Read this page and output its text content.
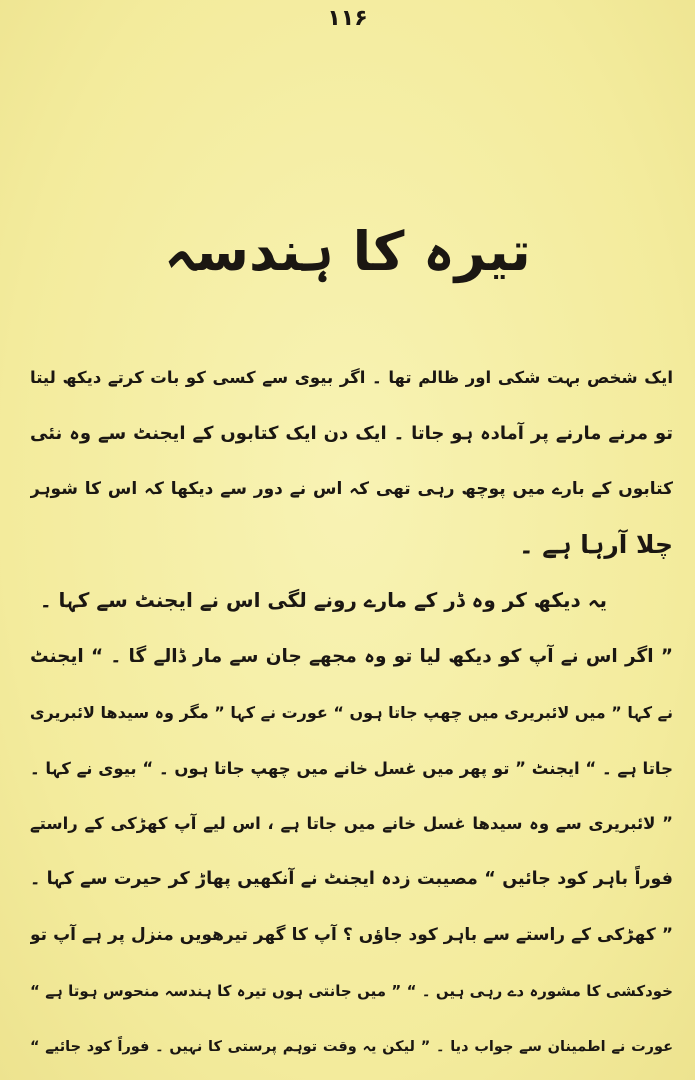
۱۱۶
تیرہ کا ہندسہ
ایک شخص بہت شکی اور ظالم تھا ۔ اگر بیوی سے کسی کو بات کرتے دیکھ لیتا
تو مرنے مارنے پر آمادہ ہو جاتا ۔ ایک دن ایک کتابوں کے ایجنٹ سے وہ نئی
کتابوں کے بارے میں پوچھ رہی تھی کہ اس نے دور سے دیکھا کہ اس کا شوہر
چلا آرہا ہے ۔
یہ دیکھ کر وہ ڈر کے مارے رونے لگی اس نے ایجنٹ سے کہا ۔
” اگر اس نے آپ کو دیکھ لیا تو وہ مجھے جان سے مار ڈالے گا ۔ “ ایجنٹ
نے کہا ” میں لائبریری میں چھپ جاتا ہوں “ عورت نے کہا ” مگر وہ سیدھا لائبریری
جاتا ہے ۔ “ ایجنٹ ” تو پھر میں غسل خانے میں چھپ جاتا ہوں ۔ “ بیوی نے کہا ۔
” لائبریری سے وہ سیدھا غسل خانے میں جاتا ہے ، اس لیے آپ کھڑکی کے راستے
فوراً باہر کود جائیں “ مصیبت زدہ ایجنٹ نے آنکھیں پھاڑ کر حیرت سے کہا ۔
” کھڑکی کے راستے سے باہر کود جاؤں ؟ آپ کا گھر تیرھویں منزل پر ہے آپ تو
خودکشی کا مشورہ دے رہی ہیں ۔ “ ” میں جانتی ہوں تیرہ کا ہندسہ منحوس ہوتا ہے “
عورت نے اطمینان سے جواب دیا ۔ ” لیکن یہ وقت توہم پرستی کا نہیں ۔ فوراً کود جائیے “
